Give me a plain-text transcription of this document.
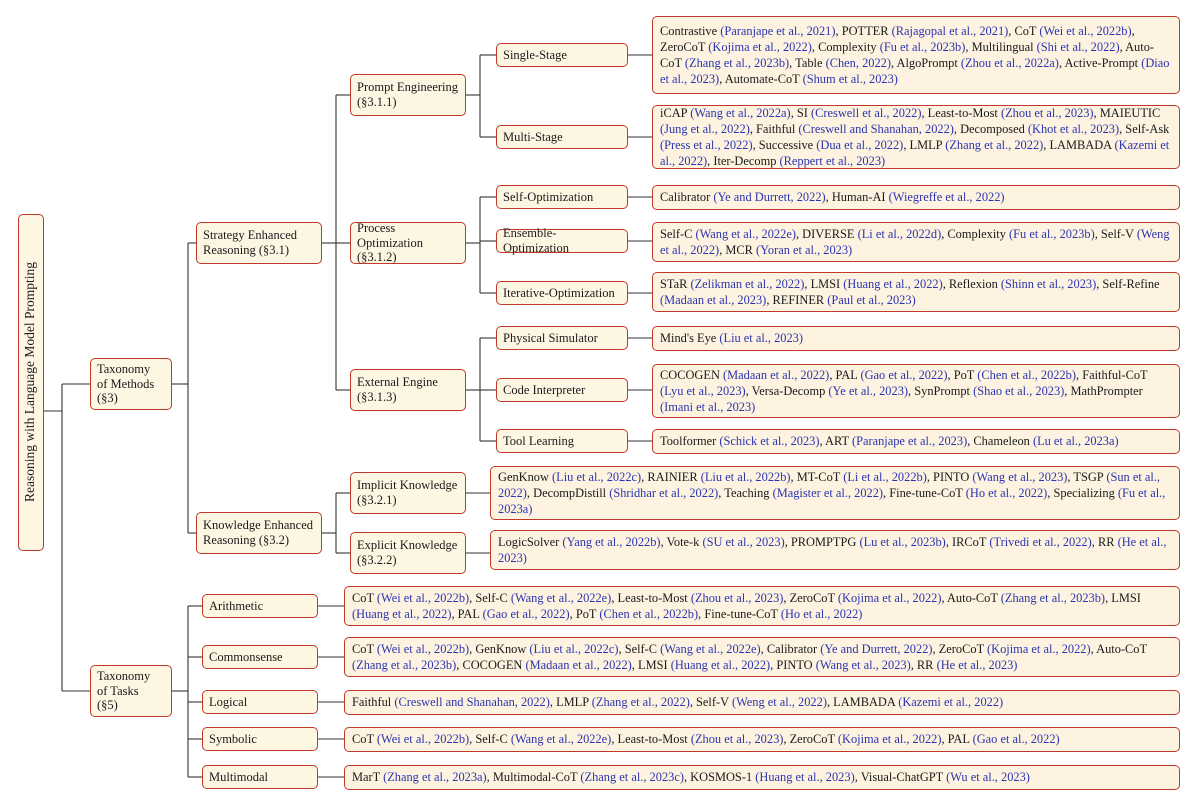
Reasoning with Language Model Prompting	Taxonomy
of Methods
(§3)
Taxonomy
of Tasks
(§5)
Strategy Enhanced
Reasoning (§3.1)
Knowledge Enhanced
Reasoning (§3.2)
Prompt Engineering
(§3.1.1)
Process Optimization
(§3.1.2)
External Engine
(§3.1.3)
Implicit Knowledge
(§3.2.1)
Explicit Knowledge
(§3.2.2)
Single-Stage
Multi-Stage
Self-Optimization
Ensemble-Optimization
Iterative-Optimization
Physical Simulator
Code Interpreter
Tool Learning
Arithmetic
Commonsense
Logical
Symbolic
Multimodal
Contrastive (Paranjape et al., 2021), POTTER (Rajagopal et al., 2021), CoT (Wei et al., 2022b), ZeroCoT (Kojima et al., 2022), Complexity (Fu et al., 2023b), Multilingual (Shi et al., 2022), Auto-CoT (Zhang et al., 2023b), Table (Chen, 2022), AlgoPrompt (Zhou et al., 2022a), Active-Prompt (Diao et al., 2023), Automate-CoT (Shum et al., 2023)
iCAP (Wang et al., 2022a), SI (Creswell et al., 2022), Least-to-Most (Zhou et al., 2023), MAIEUTIC (Jung et al., 2022), Faithful (Creswell and Shanahan, 2022), Decomposed (Khot et al., 2023), Self-Ask (Press et al., 2022), Successive (Dua et al., 2022), LMLP (Zhang et al., 2022), LAMBADA (Kazemi et al., 2022), Iter-Decomp (Reppert et al., 2023)
Calibrator (Ye and Durrett, 2022), Human-AI (Wiegreffe et al., 2022)
Self-C (Wang et al., 2022e), DIVERSE (Li et al., 2022d), Complexity (Fu et al., 2023b), Self-V (Weng et al., 2022), MCR (Yoran et al., 2023)
STaR (Zelikman et al., 2022), LMSI (Huang et al., 2022), Reflexion (Shinn et al., 2023), Self-Refine (Madaan et al., 2023), REFINER (Paul et al., 2023)
Mind's Eye (Liu et al., 2023)
COCOGEN (Madaan et al., 2022), PAL (Gao et al., 2022), PoT (Chen et al., 2022b), Faithful-CoT (Lyu et al., 2023), Versa-Decomp (Ye et al., 2023), SynPrompt (Shao et al., 2023), MathPrompter (Imani et al., 2023)
Toolformer (Schick et al., 2023), ART (Paranjape et al., 2023), Chameleon (Lu et al., 2023a)
GenKnow (Liu et al., 2022c), RAINIER (Liu et al., 2022b), MT-CoT (Li et al., 2022b), PINTO (Wang et al., 2023), TSGP (Sun et al., 2022), DecompDistill (Shridhar et al., 2022), Teaching (Magister et al., 2022), Fine-tune-CoT (Ho et al., 2022), Specializing (Fu et al., 2023a)
LogicSolver (Yang et al., 2022b), Vote-k (SU et al., 2023), PROMPTPG (Lu et al., 2023b), IRCoT (Trivedi et al., 2022), RR (He et al., 2023)
CoT (Wei et al., 2022b), Self-C (Wang et al., 2022e), Least-to-Most (Zhou et al., 2023), ZeroCoT (Kojima et al., 2022), Auto-CoT (Zhang et al., 2023b), LMSI (Huang et al., 2022), PAL (Gao et al., 2022), PoT (Chen et al., 2022b), Fine-tune-CoT (Ho et al., 2022)
CoT (Wei et al., 2022b), GenKnow (Liu et al., 2022c), Self-C (Wang et al., 2022e), Calibrator (Ye and Durrett, 2022), ZeroCoT (Kojima et al., 2022), Auto-CoT (Zhang et al., 2023b), COCOGEN (Madaan et al., 2022), LMSI (Huang et al., 2022), PINTO (Wang et al., 2023), RR (He et al., 2023)
Faithful (Creswell and Shanahan, 2022), LMLP (Zhang et al., 2022), Self-V (Weng et al., 2022), LAMBADA (Kazemi et al., 2022)
CoT (Wei et al., 2022b), Self-C (Wang et al., 2022e), Least-to-Most (Zhou et al., 2023), ZeroCoT (Kojima et al., 2022), PAL (Gao et al., 2022)
MarT (Zhang et al., 2023a), Multimodal-CoT (Zhang et al., 2023c), KOSMOS-1 (Huang et al., 2023), Visual-ChatGPT (Wu et al., 2023)
